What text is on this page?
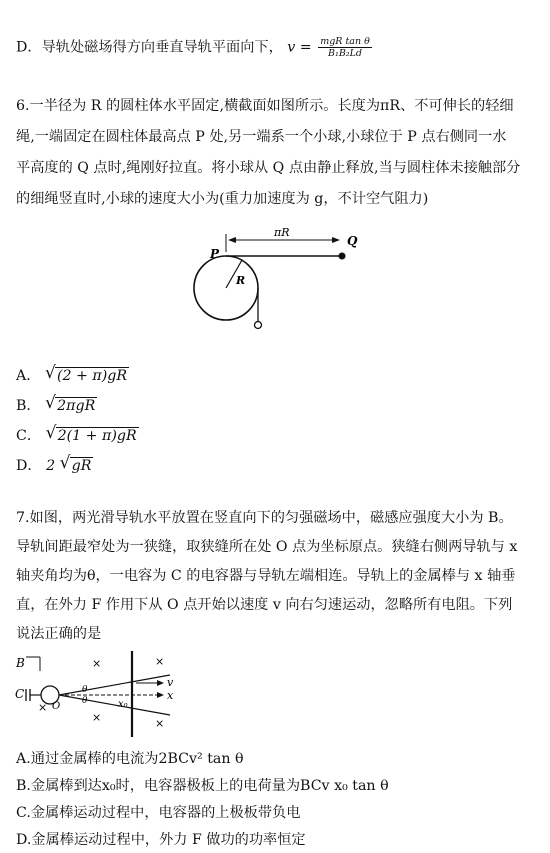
D．导轨处磁场得方向垂直导轨平面向下， $v = \frac{\text{mgR tan θ}}{\text{B₁B₂Ld}}$
6.一半径为 R 的圆柱体水平固定,横截面如图所示。长度为πR、不可伸长的轻细
绳,一端固定在圆柱体最高点 P 处,另一端系一个小球,小球位于 P 点右侧同一水
平高度的 Q 点时,绳刚好拉直。将小球从 Q 点由静止释放,当与圆柱体未接触部分
的细绳竖直时,小球的速度大小为(重力加速度为 g，不计空气阻力)
P
Q
πR
R
A． √ (2 + π)gR
B． √ 2πgR
C． √ 2(1 + π)gR
D． 2 √ gR
7.如图，两光滑导轨水平放置在竖直向下的匀强磁场中，磁感应强度大小为 B。
导轨间距最窄处为一狭缝，取狭缝所在处 O 点为坐标原点。狭缝右侧两导轨与 x
轴夹角均为θ，一电容为 C 的电容器与导轨左端相连。导轨上的金属棒与 x 轴垂
直，在外力 F 作用下从 O 点开始以速度 v 向右匀速运动，忽略所有电阻。下列
说法正确的是
B	×	×
×
×	×
C
O
x
v
x₀
θ
θ
A.通过金属棒的电流为2BCv² tan θ
B.金属棒到达x₀时，电容器极板上的电荷量为BCv x₀ tan θ
C.金属棒运动过程中，电容器的上极板带负电
D.金属棒运动过程中，外力 F 做功的功率恒定
